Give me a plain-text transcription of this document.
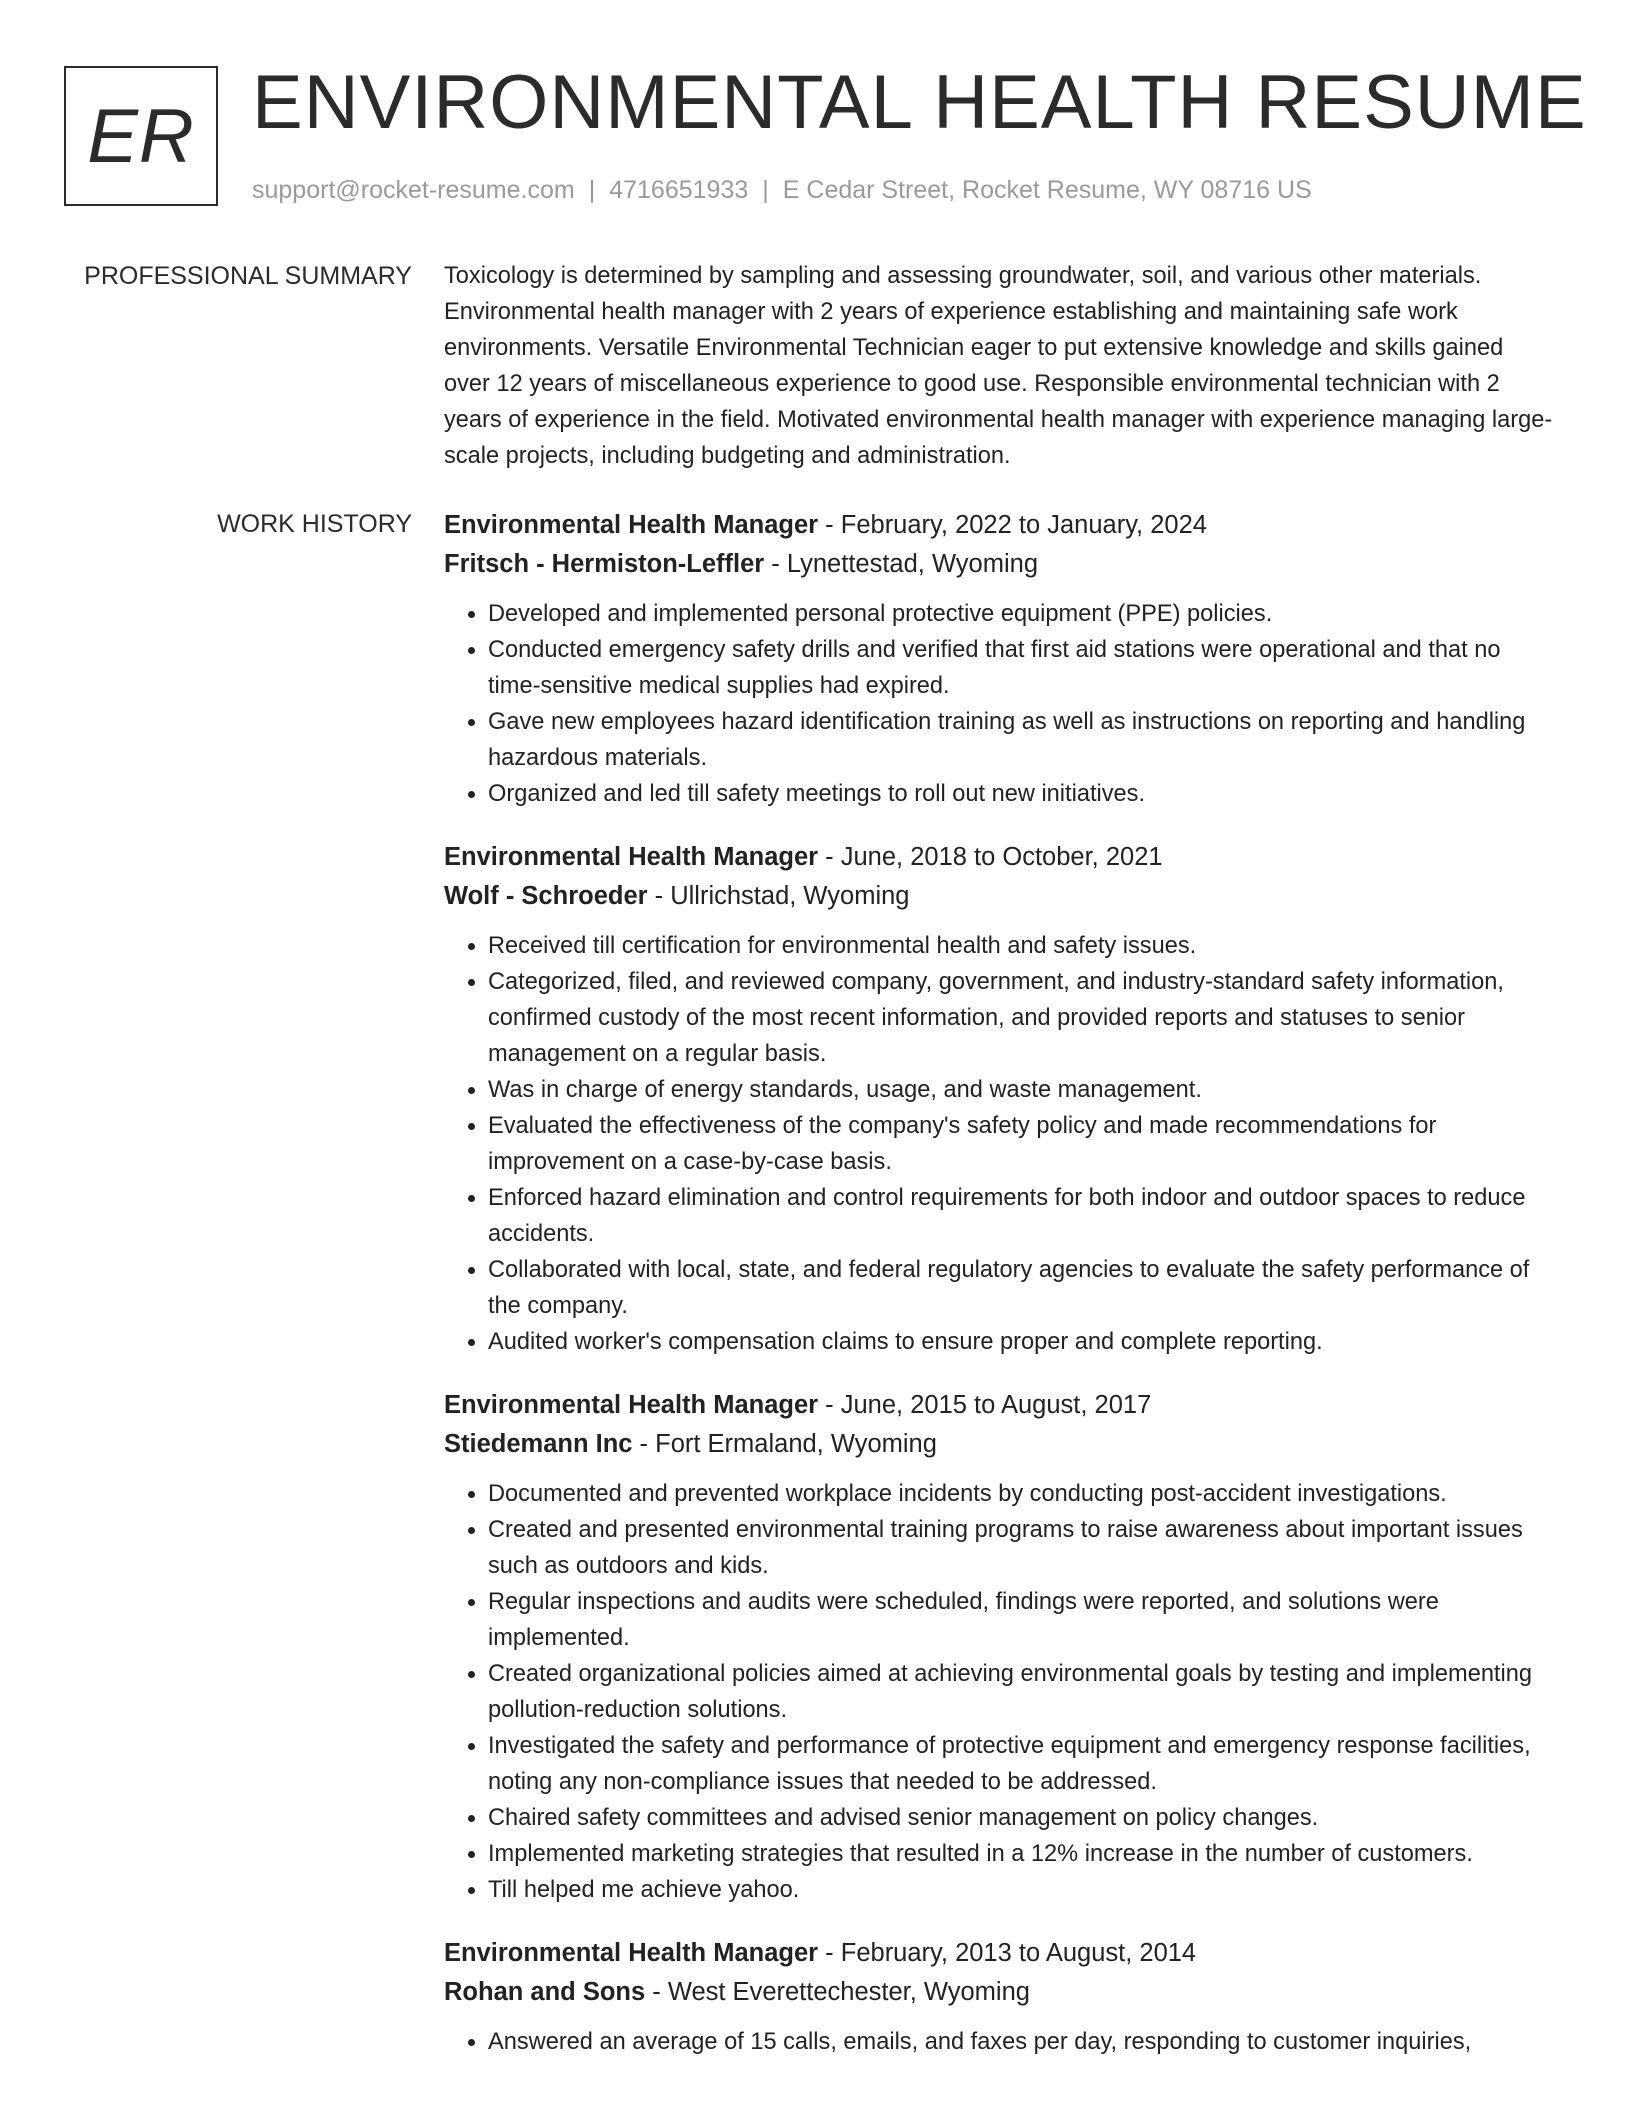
ER ENVIRONMENTAL HEALTH RESUME
support@rocket-resume.com | 4716651933 | E Cedar Street, Rocket Resume, WY 08716 US
PROFESSIONAL SUMMARY Toxicology is determined by sampling and assessing groundwater, soil, and various other materials. Environmental health manager with 2 years of experience establishing and maintaining safe work environments. Versatile Environmental Technician eager to put extensive knowledge and skills gained over 12 years of miscellaneous experience to good use. Responsible environmental technician with 2 years of experience in the field. Motivated environmental health manager with experience managing large-scale projects, including budgeting and administration.

WORK HISTORY Environmental Health Manager - February, 2022 to January, 2024
Fritsch - Hermiston-Leffler - Lynettestad, Wyoming
• Developed and implemented personal protective equipment (PPE) policies.
• Conducted emergency safety drills and verified that first aid stations were operational and that no time-sensitive medical supplies had expired.
• Gave new employees hazard identification training as well as instructions on reporting and handling hazardous materials.
• Organized and led till safety meetings to roll out new initiatives.
Environmental Health Manager - June, 2018 to October, 2021
Wolf - Schroeder - Ullrichstad, Wyoming
• Received till certification for environmental health and safety issues.
• Categorized, filed, and reviewed company, government, and industry-standard safety information, confirmed custody of the most recent information, and provided reports and statuses to senior management on a regular basis.
• Was in charge of energy standards, usage, and waste management.
• Evaluated the effectiveness of the company's safety policy and made recommendations for improvement on a case-by-case basis.
• Enforced hazard elimination and control requirements for both indoor and outdoor spaces to reduce accidents.
• Collaborated with local, state, and federal regulatory agencies to evaluate the safety performance of the company.
• Audited worker's compensation claims to ensure proper and complete reporting.
Environmental Health Manager - June, 2015 to August, 2017
Stiedemann Inc - Fort Ermaland, Wyoming
• Documented and prevented workplace incidents by conducting post-accident investigations.
• Created and presented environmental training programs to raise awareness about important issues such as outdoors and kids.
• Regular inspections and audits were scheduled, findings were reported, and solutions were implemented.
• Created organizational policies aimed at achieving environmental goals by testing and implementing pollution-reduction solutions.
• Investigated the safety and performance of protective equipment and emergency response facilities, noting any non-compliance issues that needed to be addressed.
• Chaired safety committees and advised senior management on policy changes.
• Implemented marketing strategies that resulted in a 12% increase in the number of customers.
• Till helped me achieve yahoo.
Environmental Health Manager - February, 2013 to August, 2014
Rohan and Sons - West Everettechester, Wyoming
• Answered an average of 15 calls, emails, and faxes per day, responding to customer inquiries,
